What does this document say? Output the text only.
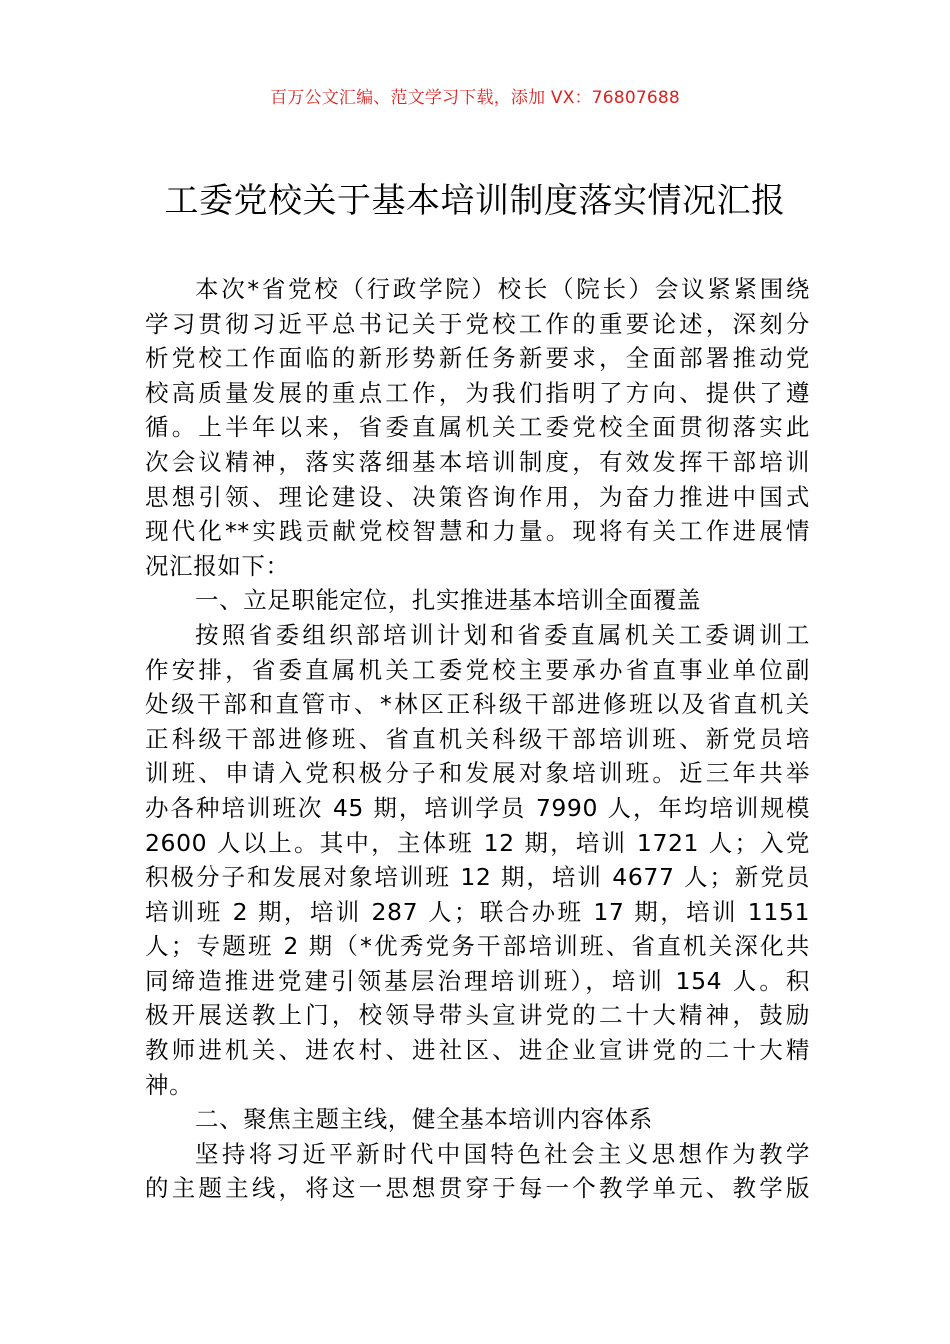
百万公文汇编、范文学习下载，添加 VX：76807688
工委党校关于基本培训制度落实情况汇报
本次*省党校（行政学院）校长（院长）会议紧紧围绕
学习贯彻习近平总书记关于党校工作的重要论述，深刻分
析党校工作面临的新形势新任务新要求，全面部署推动党
校高质量发展的重点工作，为我们指明了方向、提供了遵
循。上半年以来，省委直属机关工委党校全面贯彻落实此
次会议精神，落实落细基本培训制度，有效发挥干部培训
思想引领、理论建设、决策咨询作用，为奋力推进中国式
现代化**实践贡献党校智慧和力量。现将有关工作进展情
况汇报如下：
一、立足职能定位，扎实推进基本培训全面覆盖
按照省委组织部培训计划和省委直属机关工委调训工
作安排，省委直属机关工委党校主要承办省直事业单位副
处级干部和直管市、*林区正科级干部进修班以及省直机关
正科级干部进修班、省直机关科级干部培训班、新党员培
训班、申请入党积极分子和发展对象培训班。近三年共举
办各种培训班次 45 期，培训学员 7990 人，年均培训规模
2600 人以上。其中，主体班 12 期，培训 1721 人；入党
积极分子和发展对象培训班 12 期，培训 4677 人；新党员
培训班 2 期，培训 287 人；联合办班 17 期，培训 1151
人；专题班 2 期（*优秀党务干部培训班、省直机关深化共
同缔造推进党建引领基层治理培训班），培训 154 人。积
极开展送教上门，校领导带头宣讲党的二十大精神，鼓励
教师进机关、进农村、进社区、进企业宣讲党的二十大精
神。
二、聚焦主题主线，健全基本培训内容体系
坚持将习近平新时代中国特色社会主义思想作为教学
的主题主线，将这一思想贯穿于每一个教学单元、教学版
